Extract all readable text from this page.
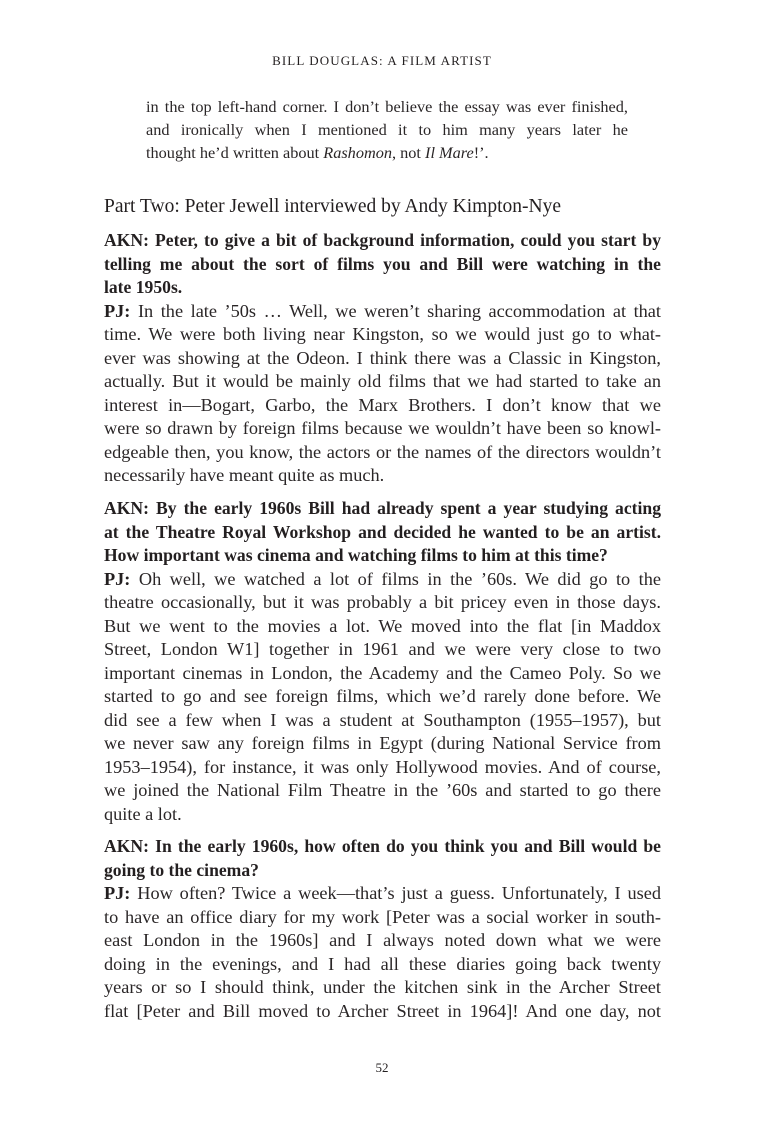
BILL DOUGLAS: A FILM ARTIST
in the top left-hand corner. I don’t believe the essay was ever finished,
and ironically when I mentioned it to him many years later he
thought he’d written about Rashomon, not Il Mare!’.
Part Two: Peter Jewell interviewed by Andy Kimpton-Nye
AKN: Peter, to give a bit of background information, could you start by
telling me about the sort of films you and Bill were watching in the
late 1950s.
PJ: In the late ’50s … Well, we weren’t sharing accommodation at that
time. We were both living near Kingston, so we would just go to what-
ever was showing at the Odeon. I think there was a Classic in Kingston,
actually. But it would be mainly old films that we had started to take an
interest in—Bogart, Garbo, the Marx Brothers. I don’t know that we
were so drawn by foreign films because we wouldn’t have been so knowl-
edgeable then, you know, the actors or the names of the directors wouldn’t
necessarily have meant quite as much.
AKN: By the early 1960s Bill had already spent a year studying acting
at the Theatre Royal Workshop and decided he wanted to be an artist.
How important was cinema and watching films to him at this time?
PJ: Oh well, we watched a lot of films in the ’60s. We did go to the
theatre occasionally, but it was probably a bit pricey even in those days.
But we went to the movies a lot. We moved into the flat [in Maddox
Street, London W1] together in 1961 and we were very close to two
important cinemas in London, the Academy and the Cameo Poly. So we
started to go and see foreign films, which we’d rarely done before. We
did see a few when I was a student at Southampton (1955–1957), but
we never saw any foreign films in Egypt (during National Service from
1953–1954), for instance, it was only Hollywood movies. And of course,
we joined the National Film Theatre in the ’60s and started to go there
quite a lot.
AKN: In the early 1960s, how often do you think you and Bill would be
going to the cinema?
PJ: How often? Twice a week—that’s just a guess. Unfortunately, I used
to have an office diary for my work [Peter was a social worker in south-
east London in the 1960s] and I always noted down what we were
doing in the evenings, and I had all these diaries going back twenty
years or so I should think, under the kitchen sink in the Archer Street
flat [Peter and Bill moved to Archer Street in 1964]! And one day, not
52
